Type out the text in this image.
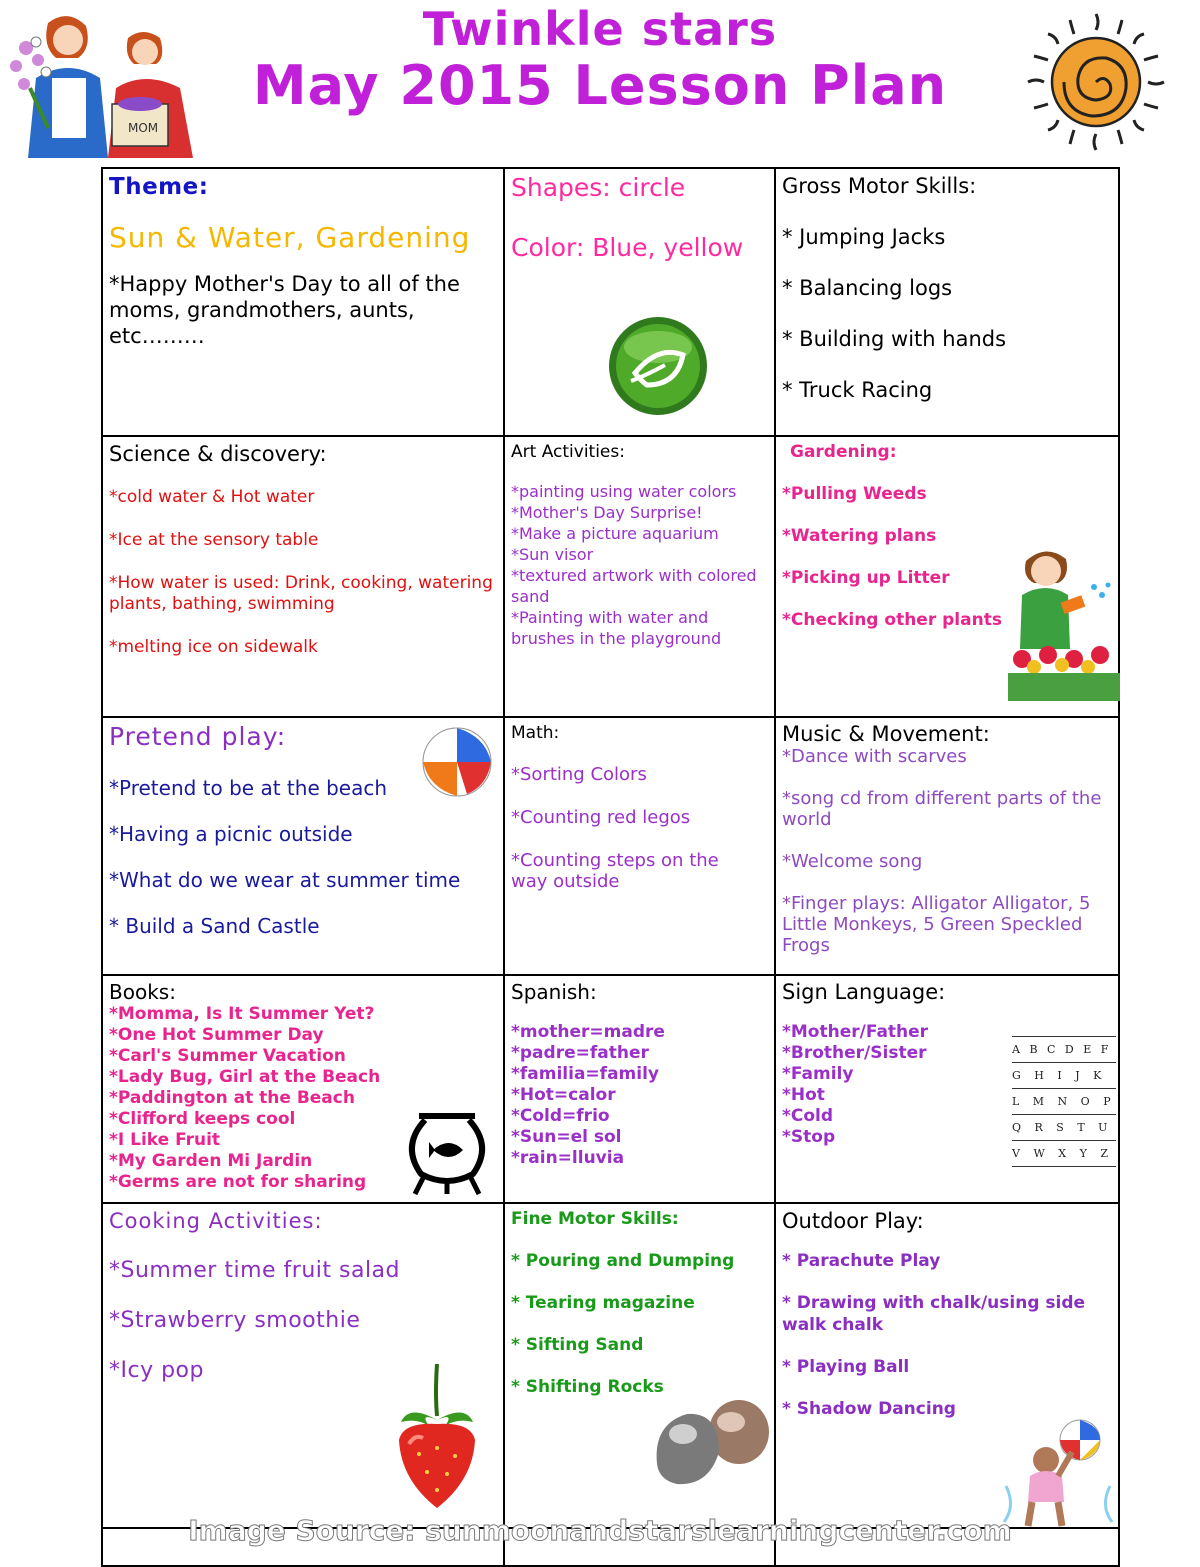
Twinkle stars
May 2015 Lesson Plan
MOM

Theme:

Sun & Water, Gardening

*Happy Mother's Day to all of the moms, grandmothers, aunts, etc………

Shapes: circle

Color: Blue, yellow

Gross Motor Skills:

* Jumping Jacks

* Balancing logs

* Building with hands

* Truck Racing

Science & discovery:

*cold water & Hot water

*Ice at the sensory table

*How water is used: Drink, cooking, watering plants, bathing, swimming

*melting ice on sidewalk

Art Activities:

*painting using water colors

*Mother's Day Surprise!

*Make a picture aquarium

*Sun visor

*textured artwork with colored sand

*Painting with water and brushes in the playground

Gardening:

*Pulling Weeds

*Watering plans

*Picking up Litter

*Checking other plants

Pretend play:

*Pretend to be at the beach

*Having a picnic outside

*What do we wear at summer time

* Build a Sand Castle

Math:

*Sorting Colors

*Counting red legos

*Counting steps on the way outside

Music & Movement:

*Dance with scarves

*song cd from different parts of the world

*Welcome song

*Finger plays: Alligator Alligator, 5 Little Monkeys, 5 Green Speckled Frogs

Books:

*Momma, Is It Summer Yet?

*One Hot Summer Day

*Carl's Summer Vacation

*Lady Bug, Girl at the Beach

*Paddington at the Beach

*Clifford keeps cool

*I Like Fruit

*My Garden Mi Jardin

*Germs are not for sharing

Spanish:

*mother=madre

*padre=father

*familia=family

*Hot=calor

*Cold=frio

*Sun=el sol

*rain=lluvia

Sign Language:

*Mother/Father

*Brother/Sister

*Family

*Hot

*Cold

*Stop

A B C D E F
G H I J K
L M N O P
Q R S T U
V W X Y Z

Cooking Activities:

*Summer time fruit salad

*Strawberry smoothie

*Icy pop

Fine Motor Skills:

* Pouring and Dumping

* Tearing magazine

* Sifting Sand

* Shifting Rocks

Outdoor Play:

* Parachute Play

* Drawing with chalk/using side walk chalk

* Playing Ball

* Shadow Dancing

Image Source: sunmoonandstarslearningcenter.com
